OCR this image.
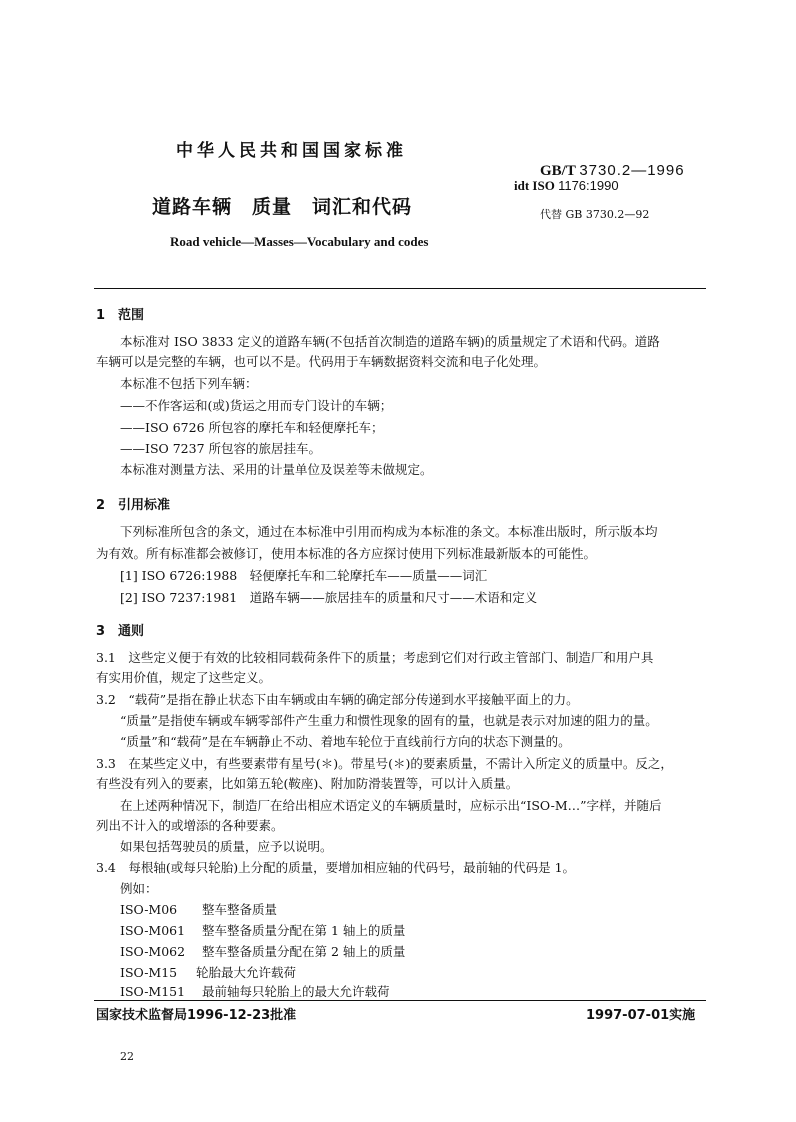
中华人民共和国国家标准
GB/T 3730.2—1996
idt ISO 1176:1990
道路车辆　质量　词汇和代码	代替 GB 3730.2—92
Road vehicle—Masses—Vocabulary and codes
1 范围
本标准对 ISO 3833 定义的道路车辆(不包括首次制造的道路车辆)的质量规定了术语和代码。道路
车辆可以是完整的车辆，也可以不是。代码用于车辆数据资料交流和电子化处理。
本标准不包括下列车辆：
——不作客运和(或)货运之用而专门设计的车辆；
——ISO 6726 所包容的摩托车和轻便摩托车；
——ISO 7237 所包容的旅居挂车。
本标准对测量方法、采用的计量单位及误差等未做规定。
2 引用标准
下列标准所包含的条文，通过在本标准中引用而构成为本标准的条文。本标准出版时，所示版本均
为有效。所有标准都会被修订，使用本标准的各方应探讨使用下列标准最新版本的可能性。
[1] ISO 6726:1988　轻便摩托车和二轮摩托车——质量——词汇
[2] ISO 7237:1981　道路车辆——旅居挂车的质量和尺寸——术语和定义
3 通则
3.1　这些定义便于有效的比较相同载荷条件下的质量；考虑到它们对行政主管部门、制造厂和用户具
有实用价值，规定了这些定义。
3.2　“载荷”是指在静止状态下由车辆或由车辆的确定部分传递到水平接触平面上的力。
“质量”是指使车辆或车辆零部件产生重力和惯性现象的固有的量，也就是表示对加速的阻力的量。
“质量”和“载荷”是在车辆静止不动、着地车轮位于直线前行方向的状态下测量的。
3.3　在某些定义中，有些要素带有星号(＊)。带星号(＊)的要素质量，不需计入所定义的质量中。反之，
有些没有列入的要素，比如第五轮(鞍座)、附加防滑装置等，可以计入质量。
在上述两种情况下，制造厂在给出相应术语定义的车辆质量时，应标示出“ISO-M…”字样，并随后
列出不计入的或增添的各种要素。
如果包括驾驶员的质量，应予以说明。
3.4　每根轴(或每只轮胎)上分配的质量，要增加相应轴的代码号，最前轴的代码是 1。
例如：
ISO-M06 整车整备质量
ISO-M061 整车整备质量分配在第 1 轴上的质量
ISO-M062 整车整备质量分配在第 2 轴上的质量
ISO-M15 轮胎最大允许载荷
ISO-M151 最前轴每只轮胎上的最大允许载荷
国家技术监督局1996-12-23批准	1997-07-01实施
22
